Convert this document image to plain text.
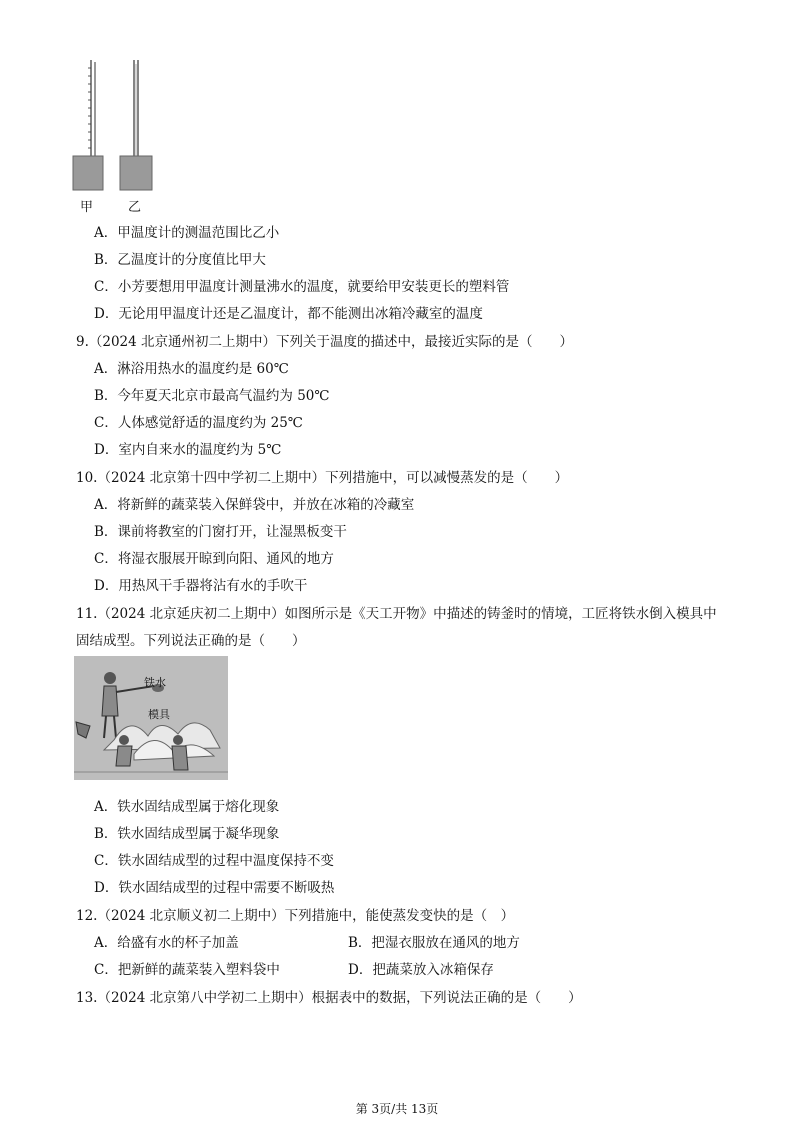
甲	乙
A．甲温度计的测温范围比乙小
B．乙温度计的分度值比甲大
C．小芳要想用甲温度计测量沸水的温度，就要给甲安装更长的塑料管
D．无论用甲温度计还是乙温度计，都不能测出冰箱冷藏室的温度
9.（2024 北京通州初二上期中）下列关于温度的描述中，最接近实际的是（　　）
A．淋浴用热水的温度约是 60℃
B．今年夏天北京市最高气温约为 50℃
C．人体感觉舒适的温度约为 25℃
D．室内自来水的温度约为 5℃
10.（2024 北京第十四中学初二上期中）下列措施中，可以减慢蒸发的是（　　）
A．将新鲜的蔬菜装入保鲜袋中，并放在冰箱的冷藏室
B．课前将教室的门窗打开，让湿黑板变干
C．将湿衣服展开晾到向阳、通风的地方
D．用热风干手器将沾有水的手吹干
11.（2024 北京延庆初二上期中）如图所示是《天工开物》中描述的铸釜时的情境，工匠将铁水倒入模具中
固结成型。下列说法正确的是（　　）
铁水
模具
A．铁水固结成型属于熔化现象
B．铁水固结成型属于凝华现象
C．铁水固结成型的过程中温度保持不变
D．铁水固结成型的过程中需要不断吸热
12.（2024 北京顺义初二上期中）下列措施中，能使蒸发变快的是（　）
A．给盛有水的杯子加盖	B．把湿衣服放在通风的地方
C．把新鲜的蔬菜装入塑料袋中	D．把蔬菜放入冰箱保存
13.（2024 北京第八中学初二上期中）根据表中的数据，下列说法正确的是（　　）
第 3页/共 13页
